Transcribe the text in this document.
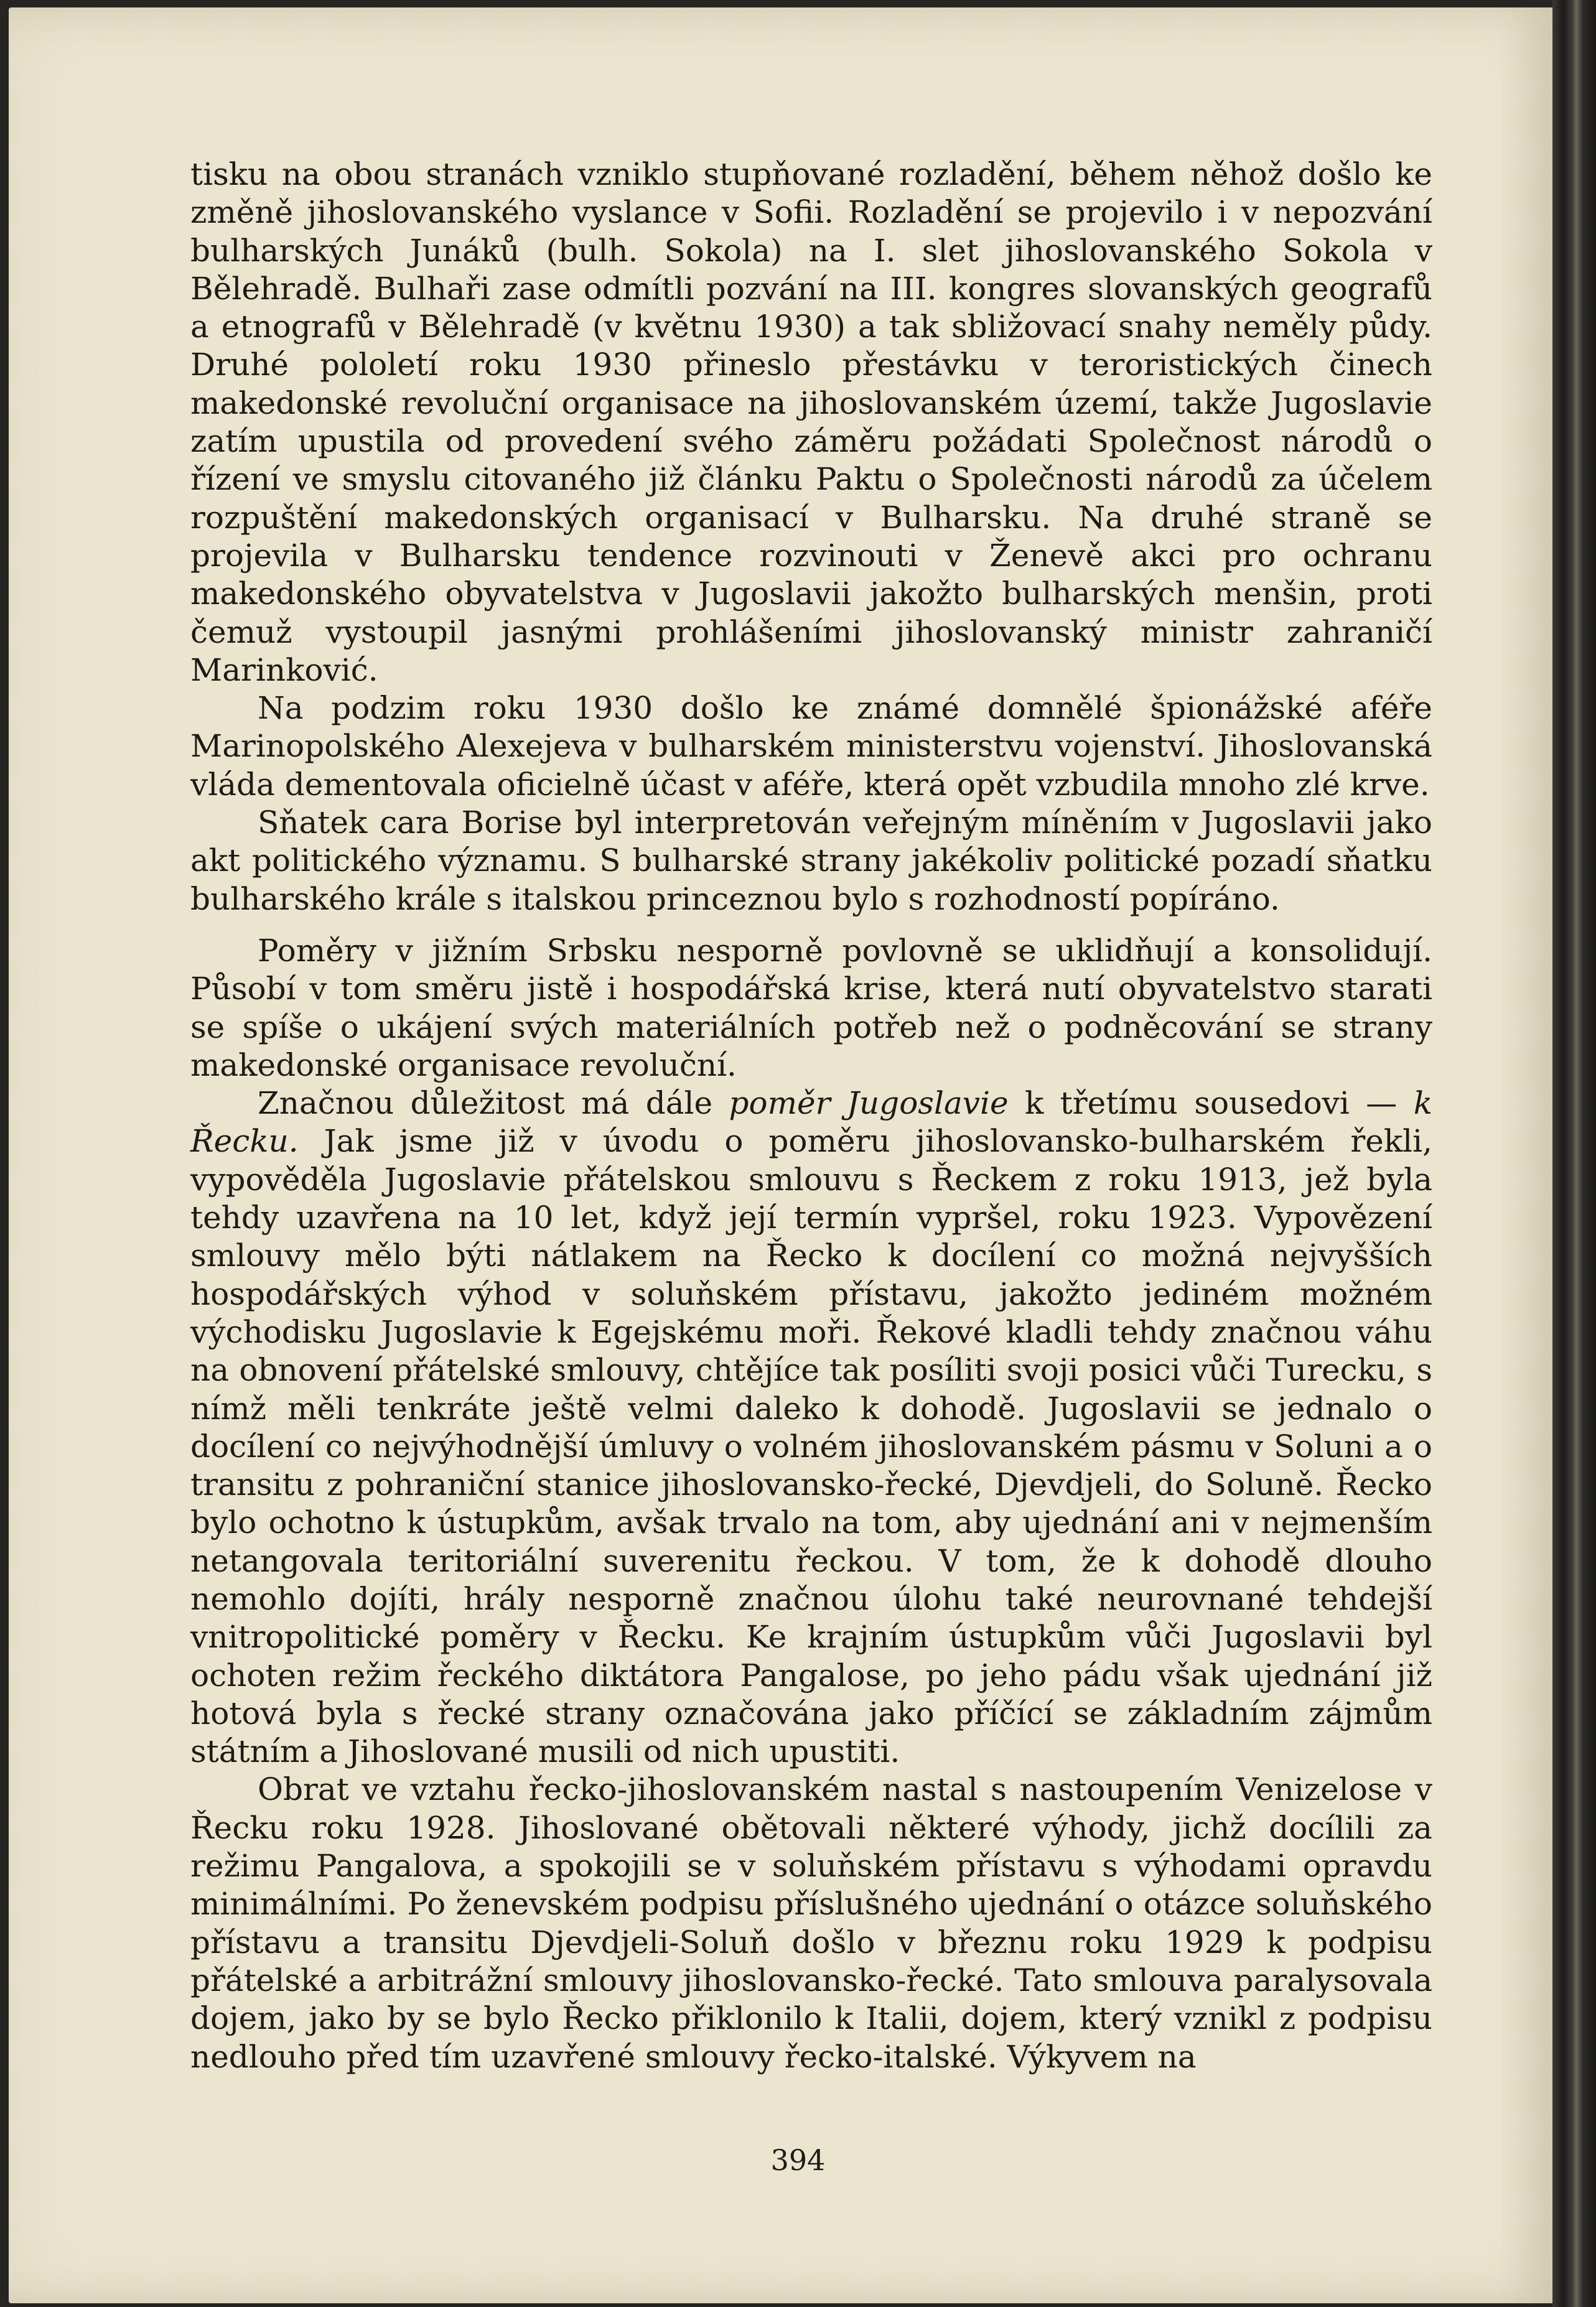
tisku na obou stranách vzniklo stupňované rozladění, během něhož došlo ke změně jihoslovanského vyslance v Sofii. Rozladění se projevilo i v nepozvání bulharských Junáků (bulh. Sokola) na I. slet jihoslovanského Sokola v Bělehradě. Bulhaři zase odmítli pozvání na III. kongres slovanských geografů a etnografů v Bělehradě (v květnu 1930) a tak sbližovací snahy neměly půdy. Druhé pololetí roku 1930 přineslo přestávku v teroristických činech makedonské revoluční organisace na jihoslovanském území, takže Jugoslavie zatím upustila od provedení svého záměru požádati Společnost národů o řízení ve smyslu citovaného již článku Paktu o Společnosti národů za účelem rozpuštění makedonských organisací v Bulharsku. Na druhé straně se projevila v Bulharsku tendence rozvinouti v Ženevě akci pro ochranu makedonského obyvatelstva v Jugoslavii jakožto bulharských menšin, proti čemuž vystoupil jasnými prohlášeními jihoslovanský ministr zahraničí Marinković.

Na podzim roku 1930 došlo ke známé domnělé špionážské aféře Marinopolského Alexejeva v bulharském ministerstvu vojenství. Jihoslovanská vláda dementovala oficielně účast v aféře, která opět vzbudila mnoho zlé krve.

Sňatek cara Borise byl interpretován veřejným míněním v Jugoslavii jako akt politického významu. S bulharské strany jakékoliv politické pozadí sňatku bulharského krále s italskou princeznou bylo s rozhodností popíráno.

Poměry v jižním Srbsku nesporně povlovně se uklidňují a konsolidují. Působí v tom směru jistě i hospodářská krise, která nutí obyvatelstvo starati se spíše o ukájení svých materiálních potřeb než o podněcování se strany makedonské organisace revoluční.

Značnou důležitost má dále poměr Jugoslavie k třetímu sousedovi — k Řecku. Jak jsme již v úvodu o poměru jihoslovansko-bulharském řekli, vypověděla Jugoslavie přátelskou smlouvu s Řeckem z roku 1913, jež byla tehdy uzavřena na 10 let, když její termín vypršel, roku 1923. Vypovězení smlouvy mělo býti nátlakem na Řecko k docílení co možná nejvyšších hospodářských výhod v soluňském přístavu, jakožto jediném možném východisku Jugoslavie k Egejskému moři. Řekové kladli tehdy značnou váhu na obnovení přátelské smlouvy, chtějíce tak posíliti svoji posici vůči Turecku, s nímž měli tenkráte ještě velmi daleko k dohodě. Jugoslavii se jednalo o docílení co nejvýhodnější úmluvy o volném jihoslovanském pásmu v Soluni a o transitu z pohraniční stanice jihoslovansko-řecké, Djevdjeli, do Soluně. Řecko bylo ochotno k ústupkům, avšak trvalo na tom, aby ujednání ani v nejmenším netangovala teritoriální suverenitu řeckou. V tom, že k dohodě dlouho nemohlo dojíti, hrály nesporně značnou úlohu také neurovnané tehdejší vnitropolitické poměry v Řecku. Ke krajním ústupkům vůči Jugoslavii byl ochoten režim řeckého diktátora Pangalose, po jeho pádu však ujednání již hotová byla s řecké strany označována jako příčící se základním zájmům státním a Jihoslované musili od nich upustiti.

Obrat ve vztahu řecko-jihoslovanském nastal s nastoupením Venizelose v Řecku roku 1928. Jihoslované obětovali některé výhody, jichž docílili za režimu Pangalova, a spokojili se v soluňském přístavu s výhodami opravdu minimálními. Po ženevském podpisu příslušného ujednání o otázce soluňského přístavu a transitu Djevdjeli-Soluň došlo v březnu roku 1929 k podpisu přátelské a arbitrážní smlouvy jihoslovansko-řecké. Tato smlouva paralysovala dojem, jako by se bylo Řecko přiklonilo k Italii, dojem, který vznikl z podpisu nedlouho před tím uzavřené smlouvy řecko-italské. Výkyvem na

394
